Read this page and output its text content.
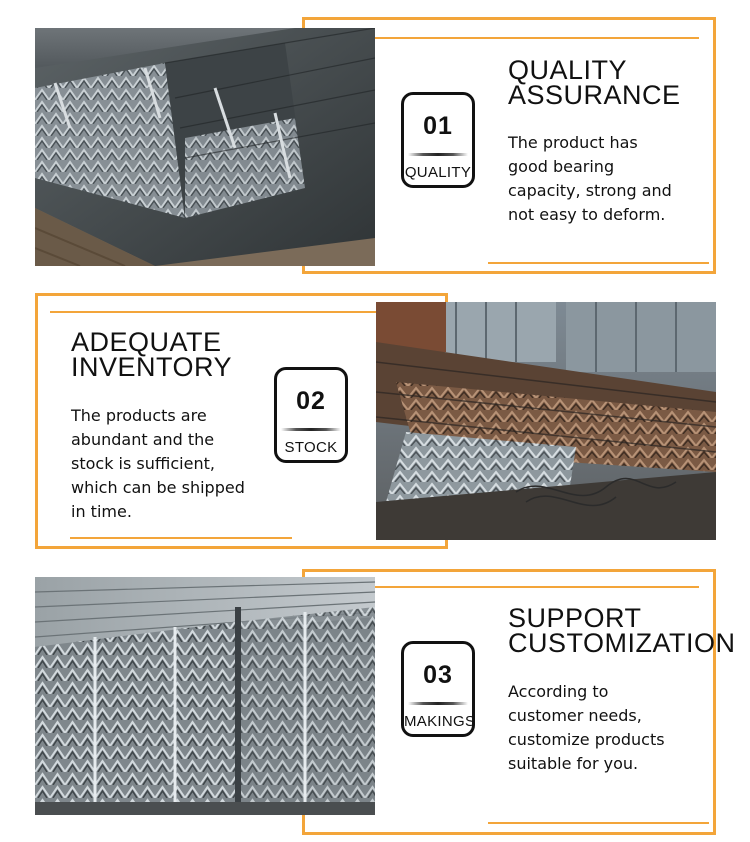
01
QUALITY
QUALITY
ASSURANCE
The product has
good bearing
capacity, strong and
not easy to deform.
02
STOCK
ADEQUATE
INVENTORY
The products are
abundant and the
stock is sufficient,
which can be shipped
in time.
03
MAKINGS
SUPPORT
CUSTOMIZATION
According to
customer needs,
customize products
suitable for you.
